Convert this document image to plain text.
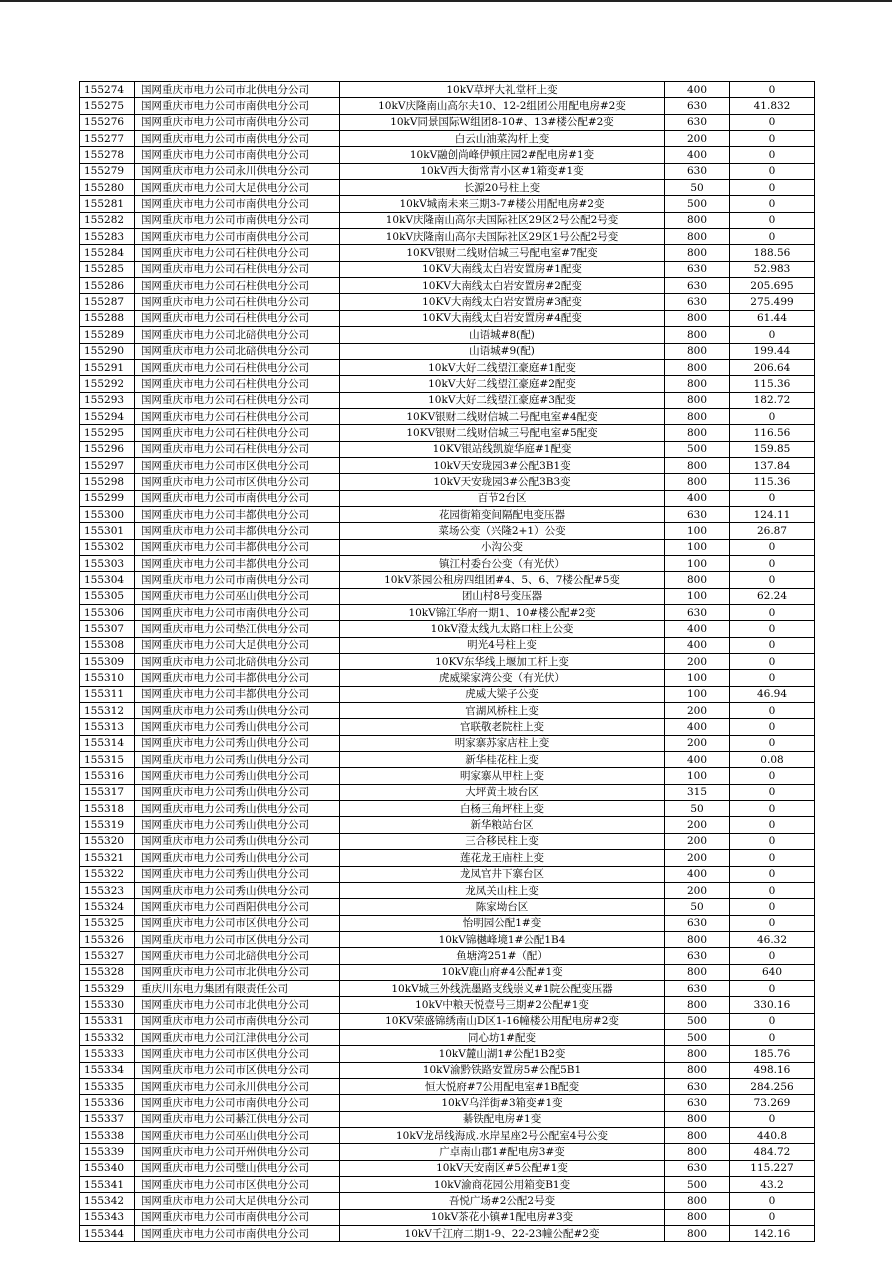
155274	国网重庆市电力公司市北供电分公司	10kV草坪大礼堂杆上变	400	0
155275	国网重庆市电力公司市南供电分公司	10kV庆隆南山高尔夫10、12-2组团公用配电房#2变	630	41.832
155276	国网重庆市电力公司市南供电分公司	10kV同景国际W组团8-10#、13#楼公配#2变	630	0
155277	国网重庆市电力公司市南供电分公司	白云山油菜沟杆上变	200	0
155278	国网重庆市电力公司市南供电分公司	10kV融创尚峰伊顿庄园2#配电房#1变	400	0
155279	国网重庆市电力公司永川供电分公司	10kV西大街常青小区#1箱变#1变	630	0
155280	国网重庆市电力公司大足供电分公司	长源20号柱上变	50	0
155281	国网重庆市电力公司市南供电分公司	10kV城南未来三期3-7#楼公用配电房#2变	500	0
155282	国网重庆市电力公司市南供电分公司	10kV庆隆南山高尔夫国际社区29区2号公配2号变	800	0
155283	国网重庆市电力公司市南供电分公司	10kV庆隆南山高尔夫国际社区29区1号公配2号变	800	0
155284	国网重庆市电力公司石柱供电分公司	10KV银财二线财信城三号配电室#7配变	800	188.56
155285	国网重庆市电力公司石柱供电分公司	10KV大南线太白岩安置房#1配变	630	52.983
155286	国网重庆市电力公司石柱供电分公司	10KV大南线太白岩安置房#2配变	630	205.695
155287	国网重庆市电力公司石柱供电分公司	10KV大南线太白岩安置房#3配变	630	275.499
155288	国网重庆市电力公司石柱供电分公司	10KV大南线太白岩安置房#4配变	800	61.44
155289	国网重庆市电力公司北碚供电分公司	山语城#8(配)	800	0
155290	国网重庆市电力公司北碚供电分公司	山语城#9(配)	800	199.44
155291	国网重庆市电力公司石柱供电分公司	10kV大好二线望江豪庭#1配变	800	206.64
155292	国网重庆市电力公司石柱供电分公司	10kV大好二线望江豪庭#2配变	800	115.36
155293	国网重庆市电力公司石柱供电分公司	10kV大好二线望江豪庭#3配变	800	182.72
155294	国网重庆市电力公司石柱供电分公司	10KV银财二线财信城二号配电室#4配变	800	0
155295	国网重庆市电力公司石柱供电分公司	10KV银财二线财信城三号配电室#5配变	800	116.56
155296	国网重庆市电力公司石柱供电分公司	10KV银站线凯旋华庭#1配变	500	159.85
155297	国网重庆市电力公司市区供电分公司	10kV天安珑园3#公配3B1变	800	137.84
155298	国网重庆市电力公司市区供电分公司	10kV天安珑园3#公配3B3变	800	115.36
155299	国网重庆市电力公司市南供电分公司	百节2台区	400	0
155300	国网重庆市电力公司丰都供电分公司	花园街箱变间隔配电变压器	630	124.11
155301	国网重庆市电力公司丰都供电分公司	菜场公变（兴隆2+1）公变	100	26.87
155302	国网重庆市电力公司丰都供电分公司	小沟公变	100	0
155303	国网重庆市电力公司丰都供电分公司	镇江村委台公变（有光伏）	100	0
155304	国网重庆市电力公司市南供电分公司	10kV茶园公租房四组团#4、5、6、7楼公配#5变	800	0
155305	国网重庆市电力公司巫山供电分公司	团山村8号变压器	100	62.24
155306	国网重庆市电力公司市南供电分公司	10kV锦江华府一期1、10#楼公配#2变	630	0
155307	国网重庆市电力公司垫江供电分公司	10kV澄太线九太路口柱上公变	400	0
155308	国网重庆市电力公司大足供电分公司	明光4号柱上变	400	0
155309	国网重庆市电力公司北碚供电分公司	10KV东华线上堰加工杆上变	200	0
155310	国网重庆市电力公司丰都供电分公司	虎威梁家湾公变（有光伏）	100	0
155311	国网重庆市电力公司丰都供电分公司	虎威大梁子公变	100	46.94
155312	国网重庆市电力公司秀山供电分公司	官湖风桥柱上变	200	0
155313	国网重庆市电力公司秀山供电分公司	官联敬老院柱上变	400	0
155314	国网重庆市电力公司秀山供电分公司	明家寨苏家店柱上变	200	0
155315	国网重庆市电力公司秀山供电分公司	新华桂花柱上变	400	0.08
155316	国网重庆市电力公司秀山供电分公司	明家寨从甲柱上变	100	0
155317	国网重庆市电力公司秀山供电分公司	大坪黄土坡台区	315	0
155318	国网重庆市电力公司秀山供电分公司	白杨三角坪柱上变	50	0
155319	国网重庆市电力公司秀山供电分公司	新华粮站台区	200	0
155320	国网重庆市电力公司秀山供电分公司	三合移民柱上变	200	0
155321	国网重庆市电力公司秀山供电分公司	莲花龙王庙柱上变	200	0
155322	国网重庆市电力公司秀山供电分公司	龙凤官井下寨台区	400	0
155323	国网重庆市电力公司秀山供电分公司	龙凤关山柱上变	200	0
155324	国网重庆市电力公司酉阳供电分公司	陈家坳台区	50	0
155325	国网重庆市电力公司市区供电分公司	怡明园公配1#变	630	0
155326	国网重庆市电力公司市区供电分公司	10kV锦樾峰境1#公配1B4	800	46.32
155327	国网重庆市电力公司北碚供电分公司	鱼塘湾251#（配）	630	0
155328	国网重庆市电力公司市北供电分公司	10kV鹿山府#4公配#1变	800	640
155329	重庆川东电力集团有限责任公司	10kV城三外线洗墨路支线崇义#1院公配变压器	630	0
155330	国网重庆市电力公司市北供电分公司	10kV中粮天悦壹号三期#2公配#1变	800	330.16
155331	国网重庆市电力公司市南供电分公司	10KV荣盛锦绣南山D区1-16幢楼公用配电房#2变	500	0
155332	国网重庆市电力公司江津供电分公司	同心坊1#配变	500	0
155333	国网重庆市电力公司市区供电分公司	10kV麓山湖1#公配1B2变	800	185.76
155334	国网重庆市电力公司市区供电分公司	10kV渝黔铁路安置房5#公配5B1	800	498.16
155335	国网重庆市电力公司永川供电分公司	恒大悦府#7公用配电室#1B配变	630	284.256
155336	国网重庆市电力公司市南供电分公司	10kV乌洋街#3箱变#1变	630	73.269
155337	国网重庆市电力公司綦江供电分公司	綦铁配电房#1变	800	0
155338	国网重庆市电力公司巫山供电分公司	10kV龙昂线海成.水岸星座2号公配室4号公变	800	440.8
155339	国网重庆市电力公司开州供电分公司	广卓南山郡1#配电房3#变	800	484.72
155340	国网重庆市电力公司璧山供电分公司	10kV天安南区#5公配#1变	630	115.227
155341	国网重庆市电力公司市区供电分公司	10kV渝商花园公用箱变B1变	500	43.2
155342	国网重庆市电力公司大足供电分公司	吾悦广场#2公配2号变	800	0
155343	国网重庆市电力公司市南供电分公司	10kV茶花小镇#1配电房#3变	800	0
155344	国网重庆市电力公司市南供电分公司	10kV千江府二期1-9、22-23幢公配#2变	800	142.16
